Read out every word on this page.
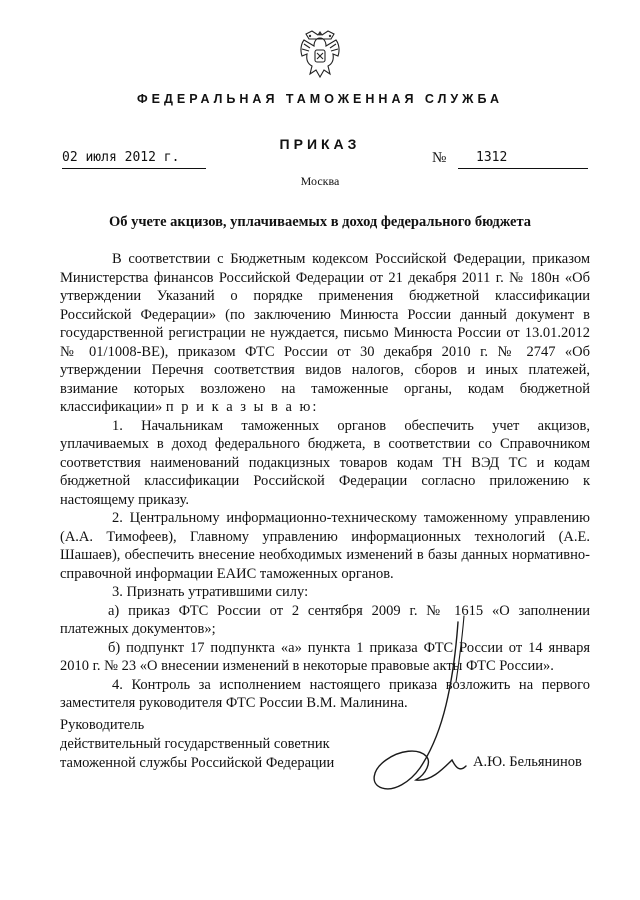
ФЕДЕРАЛЬНАЯ ТАМОЖЕННАЯ СЛУЖБА
ПРИКАЗ
02 июля 2012 г.	№ 1312
Москва
Об учете акцизов, уплачиваемых в доход федерального бюджета

В соответствии с Бюджетным кодексом Российской Федерации, приказом Министерства финансов Российской Федерации от 21 декабря 2011 г. № 180н «Об утверждении Указаний о порядке применения бюджетной классификации Российской Федерации» (по заключению Минюста России данный документ в государственной регистрации не нуждается, письмо Минюста России от 13.01.2012 № 01/1008-ВЕ), приказом ФТС России от 30 декабря 2010 г. № 2747 «Об утверждении Перечня соответствия видов налогов, сборов и иных платежей, взимание которых возложено на таможенные органы, кодам бюджетной классификации» п р и к а з ы в а ю:

1. Начальникам таможенных органов обеспечить учет акцизов, уплачиваемых в доход федерального бюджета, в соответствии со Справочником соответствия наименований подакцизных товаров кодам ТН ВЭД ТС и кодам бюджетной классификации Российской Федерации согласно приложению к настоящему приказу.

2. Центральному информационно-техническому таможенному управлению (А.А. Тимофеев), Главному управлению информационных технологий (А.Е. Шашаев), обеспечить внесение необходимых изменений в базы данных нормативно-справочной информации ЕАИС таможенных органов.

3. Признать утратившими силу:

а) приказ ФТС России от 2 сентября 2009 г. № 1615 «О заполнении платежных документов»;

б) подпункт 17 подпункта «а» пункта 1 приказа ФТС России от 14 января 2010 г. № 23 «О внесении изменений в некоторые правовые акты ФТС России».

4. Контроль за исполнением настоящего приказа возложить на первого заместителя руководителя ФТС России В.М. Малинина.

Руководитель
действительный государственный советник
таможенной службы Российской Федерации	А.Ю. Бельянинов
